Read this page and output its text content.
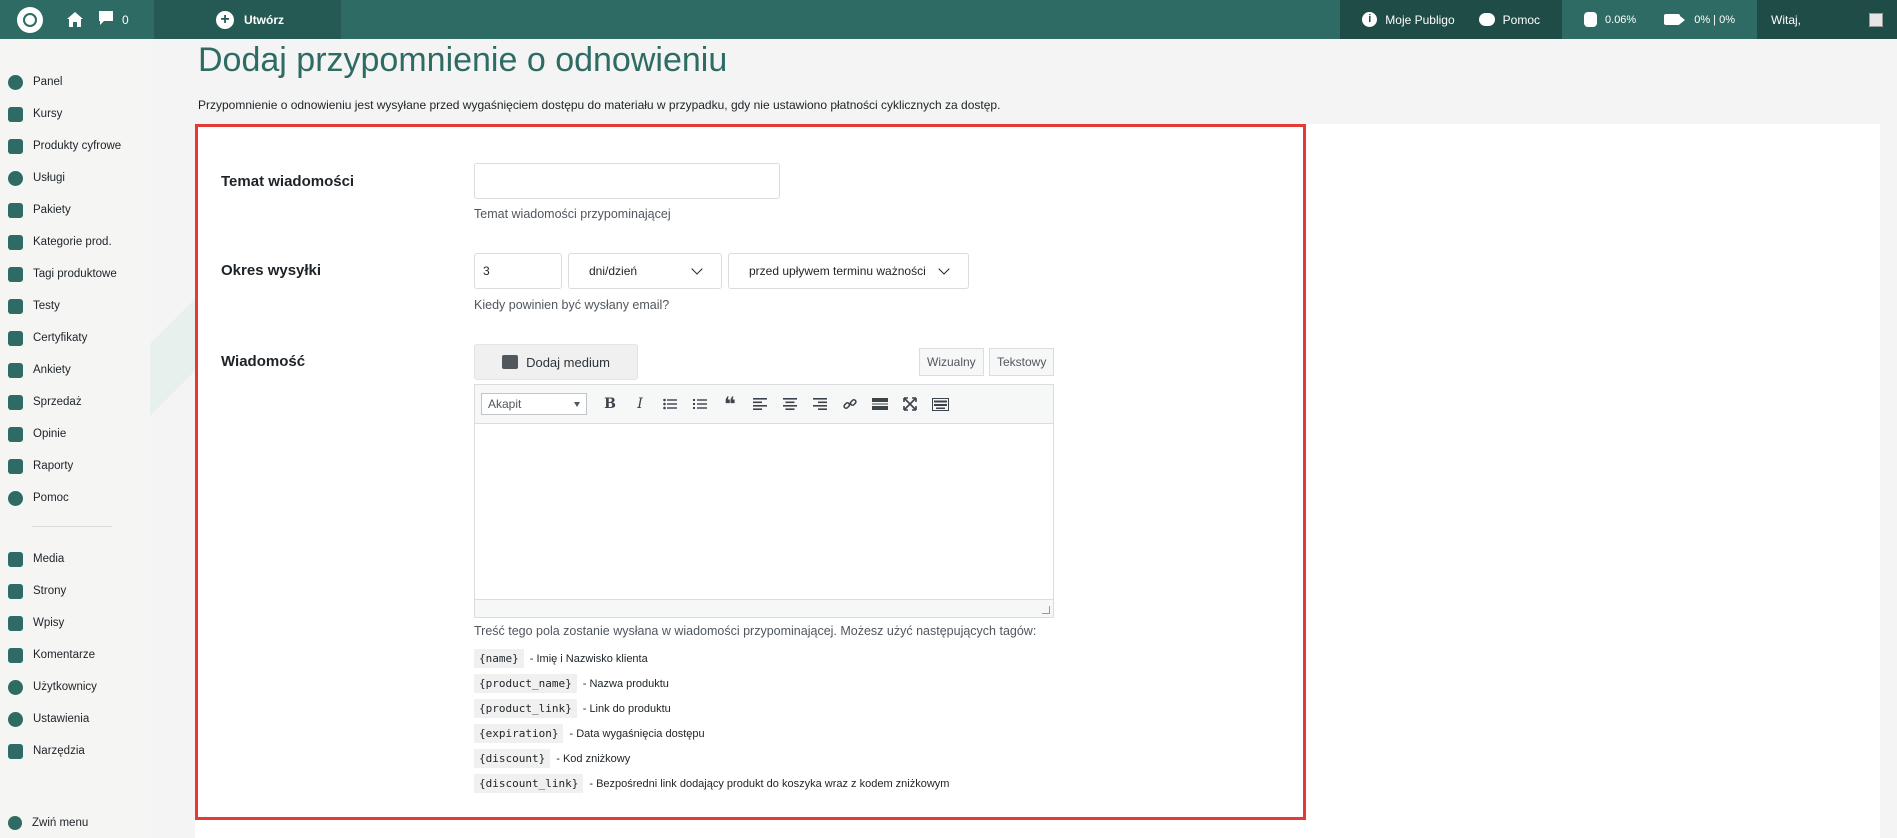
0	+	Utwórz	i	Moje Publigo	Pomoc	0.06%	0% | 0%	Witaj,
Panel
Kursy
Produkty cyfrowe
Usługi
Pakiety
Kategorie prod.
Tagi produktowe
Testy
Certyfikaty
Ankiety
Sprzedaż
Opinie
Raporty
Pomoc
Media
Strony
Wpisy
Komentarze
Użytkownicy
Ustawienia
Narzędzia
Zwiń menu
Dodaj przypomnienie o odnowieniu

Przypomnienie o odnowieniu jest wysyłane przed wygaśnięciem dostępu do materiału w przypadku, gdy nie ustawiono płatności cyklicznych za dostęp.

Temat wiadomości
Temat wiadomości przypominającej
Okres wysyłki	3	dni/dzień	przed upływem terminu ważności
Kiedy powinien być wysłany email?
Wiadomość	Dodaj medium	Wizualny	Tekstowy
Akapit	B	I	❝
Treść tego pola zostanie wysłana w wiadomości przypominającej. Możesz użyć następujących tagów:
{name}	- Imię i Nazwisko klienta
{product_name}	- Nazwa produktu
{product_link}	- Link do produktu
{expiration}	- Data wygaśnięcia dostępu
{discount}	- Kod zniżkowy
{discount_link}	- Bezpośredni link dodający produkt do koszyka wraz z kodem zniżkowym
